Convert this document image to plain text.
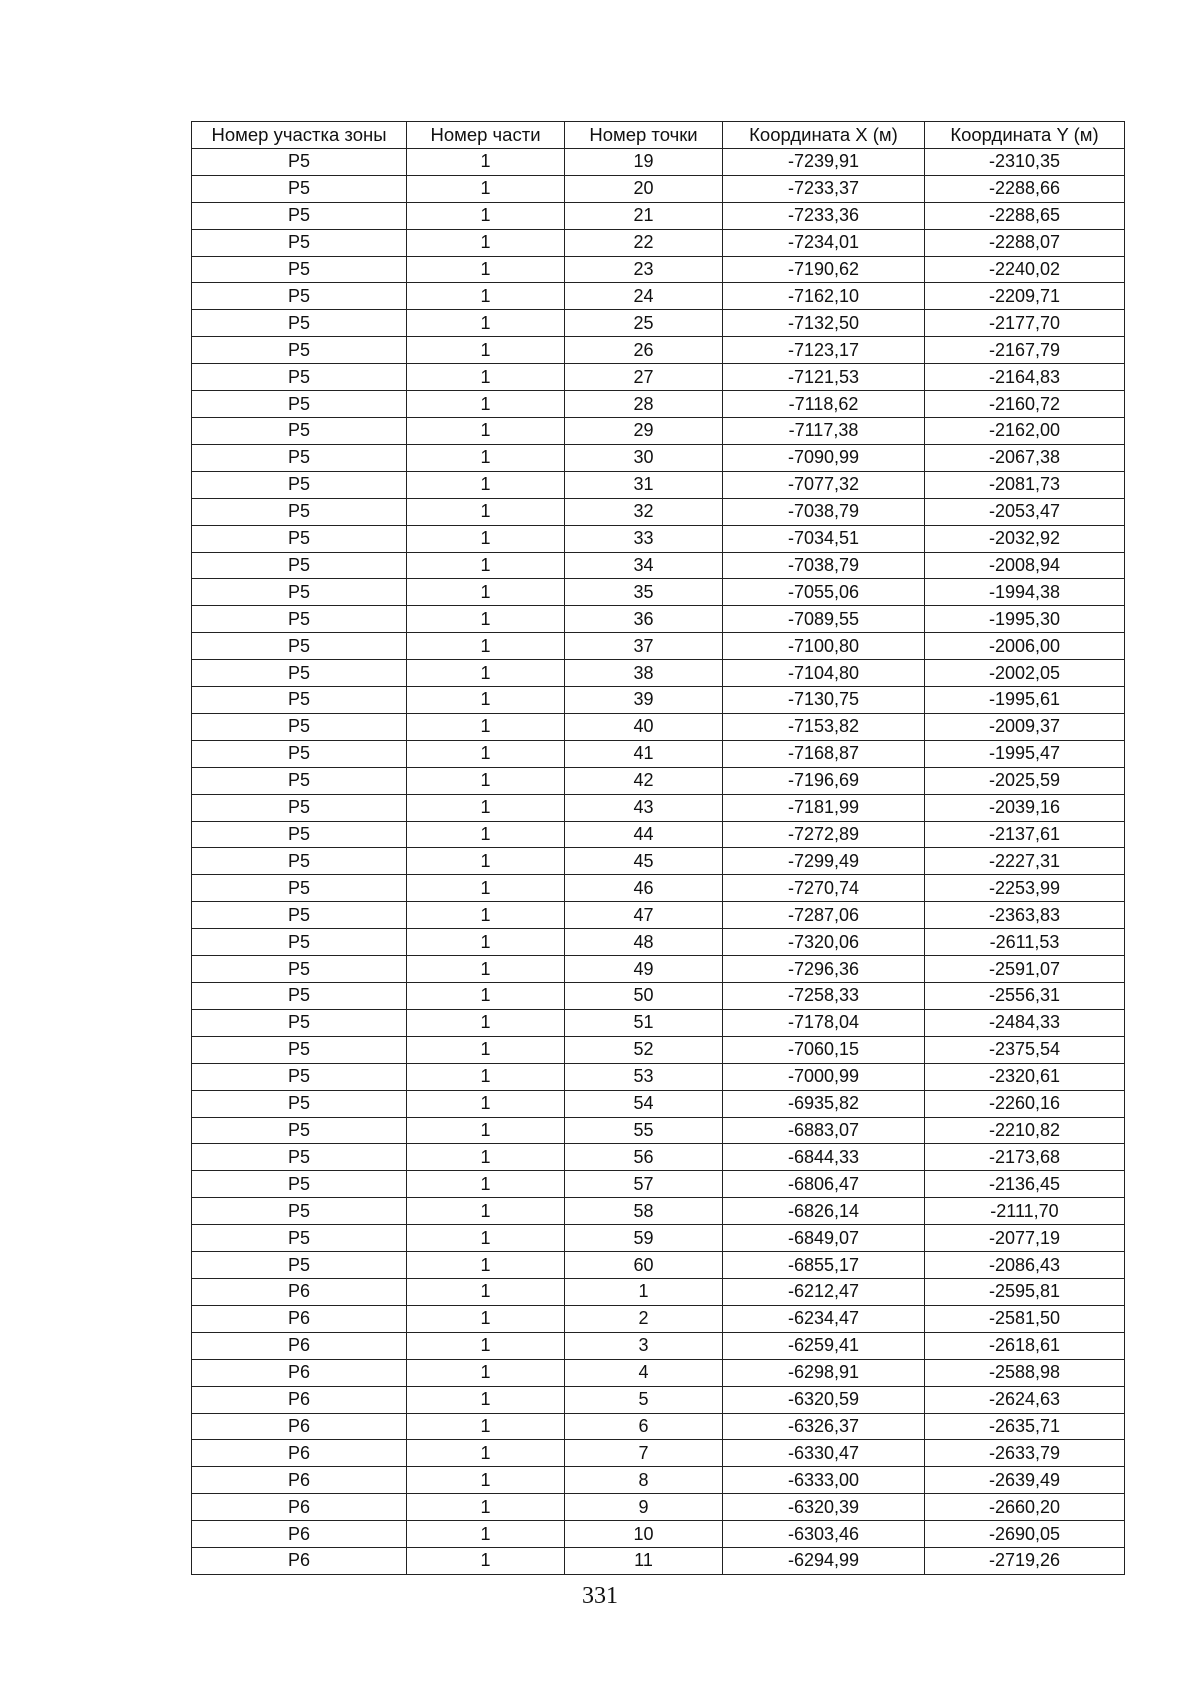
Номер участка зоны	Номер части	Номер точки	Координата X (м)	Координата Y (м)
Р5	1	19	-7239,91	-2310,35
Р5	1	20	-7233,37	-2288,66
Р5	1	21	-7233,36	-2288,65
Р5	1	22	-7234,01	-2288,07
Р5	1	23	-7190,62	-2240,02
Р5	1	24	-7162,10	-2209,71
Р5	1	25	-7132,50	-2177,70
Р5	1	26	-7123,17	-2167,79
Р5	1	27	-7121,53	-2164,83
Р5	1	28	-7118,62	-2160,72
Р5	1	29	-7117,38	-2162,00
Р5	1	30	-7090,99	-2067,38
Р5	1	31	-7077,32	-2081,73
Р5	1	32	-7038,79	-2053,47
Р5	1	33	-7034,51	-2032,92
Р5	1	34	-7038,79	-2008,94
Р5	1	35	-7055,06	-1994,38
Р5	1	36	-7089,55	-1995,30
Р5	1	37	-7100,80	-2006,00
Р5	1	38	-7104,80	-2002,05
Р5	1	39	-7130,75	-1995,61
Р5	1	40	-7153,82	-2009,37
Р5	1	41	-7168,87	-1995,47
Р5	1	42	-7196,69	-2025,59
Р5	1	43	-7181,99	-2039,16
Р5	1	44	-7272,89	-2137,61
Р5	1	45	-7299,49	-2227,31
Р5	1	46	-7270,74	-2253,99
Р5	1	47	-7287,06	-2363,83
Р5	1	48	-7320,06	-2611,53
Р5	1	49	-7296,36	-2591,07
Р5	1	50	-7258,33	-2556,31
Р5	1	51	-7178,04	-2484,33
Р5	1	52	-7060,15	-2375,54
Р5	1	53	-7000,99	-2320,61
Р5	1	54	-6935,82	-2260,16
Р5	1	55	-6883,07	-2210,82
Р5	1	56	-6844,33	-2173,68
Р5	1	57	-6806,47	-2136,45
Р5	1	58	-6826,14	-2111,70
Р5	1	59	-6849,07	-2077,19
Р5	1	60	-6855,17	-2086,43
Р6	1	1	-6212,47	-2595,81
Р6	1	2	-6234,47	-2581,50
Р6	1	3	-6259,41	-2618,61
Р6	1	4	-6298,91	-2588,98
Р6	1	5	-6320,59	-2624,63
Р6	1	6	-6326,37	-2635,71
Р6	1	7	-6330,47	-2633,79
Р6	1	8	-6333,00	-2639,49
Р6	1	9	-6320,39	-2660,20
Р6	1	10	-6303,46	-2690,05
Р6	1	11	-6294,99	-2719,26
331
